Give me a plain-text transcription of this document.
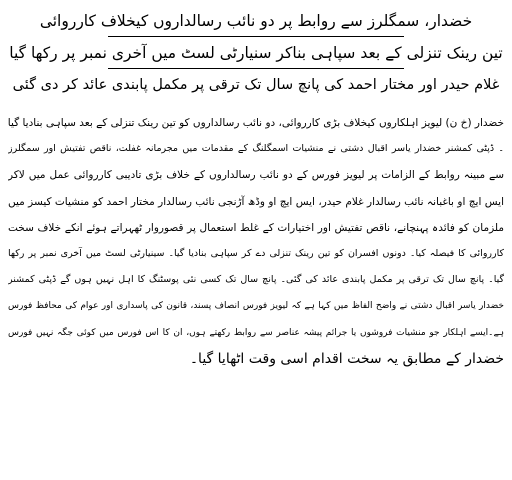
خضدار، سمگلرز سے روابط پر دو نائب رسالداروں کیخلاف کارروائی
تین رینک تنزلی کے بعد سپاہی بناکر سنیارٹی لسٹ میں آخری نمبر پر رکھا گیا
غلام حیدر اور مختار احمد کی پانچ سال تک ترقی پر مکمل پابندی عائد کر دی گئی
خضدار (خ ن) لیویز اہلکاروں کیخلاف بڑی کارروائی، دو نائب رسالداروں کو تین رینک تنزلی کے بعد سپاہی بنادیا گیا
۔ ڈپٹی کمشنر خضدار یاسر اقبال دشتی نے منشیات اسمگلنگ کے مقدمات میں مجرمانہ غفلت، ناقص تفتیش اور سمگلرز
سے مبینہ روابط کے الزامات پر لیویز فورس کے دو نائب رسالداروں کے خلاف بڑی تادیبی کارروائی عمل میں لاکر
ایس ایچ او باغبانہ نائب رسالدار غلام حیدر، ایس ایچ او وڈھ آڑنجی نائب رسالدار مختار احمد کو منشیات کیسز میں
ملزمان کو فائدہ پہنچانے، ناقص تفتیش اور اختیارات کے غلط استعمال پر قصوروار ٹھہراتے ہوئے انکے خلاف سخت
کارروائی کا فیصلہ کیا۔ دونوں افسران کو تین رینک تنزلی دے کر سپاہی بنادیا گیا۔ سینیارٹی لسٹ میں آخری نمبر پر رکھا
گیا۔ پانچ سال تک ترقی پر مکمل پابندی عائد کی گئی۔ پانچ سال تک کسی نئی پوسٹنگ کا اہل نہیں ہوں گے ڈپٹی کمشنر
خضدار یاسر اقبال دشتی نے واضح الفاظ میں کہا ہے کہ لیویز فورس انصاف پسند، قانون کی پاسداری اور عوام کی محافظ فورس
ہے۔ایسے اہلکار جو منشیات فروشوں یا جرائم پیشہ عناصر سے روابط رکھتے ہوں، ان کا اس فورس میں کوئی جگہ نہیں فورس
خضدار کے مطابق یہ سخت اقدام اسی وقت اٹھایا گیا۔
